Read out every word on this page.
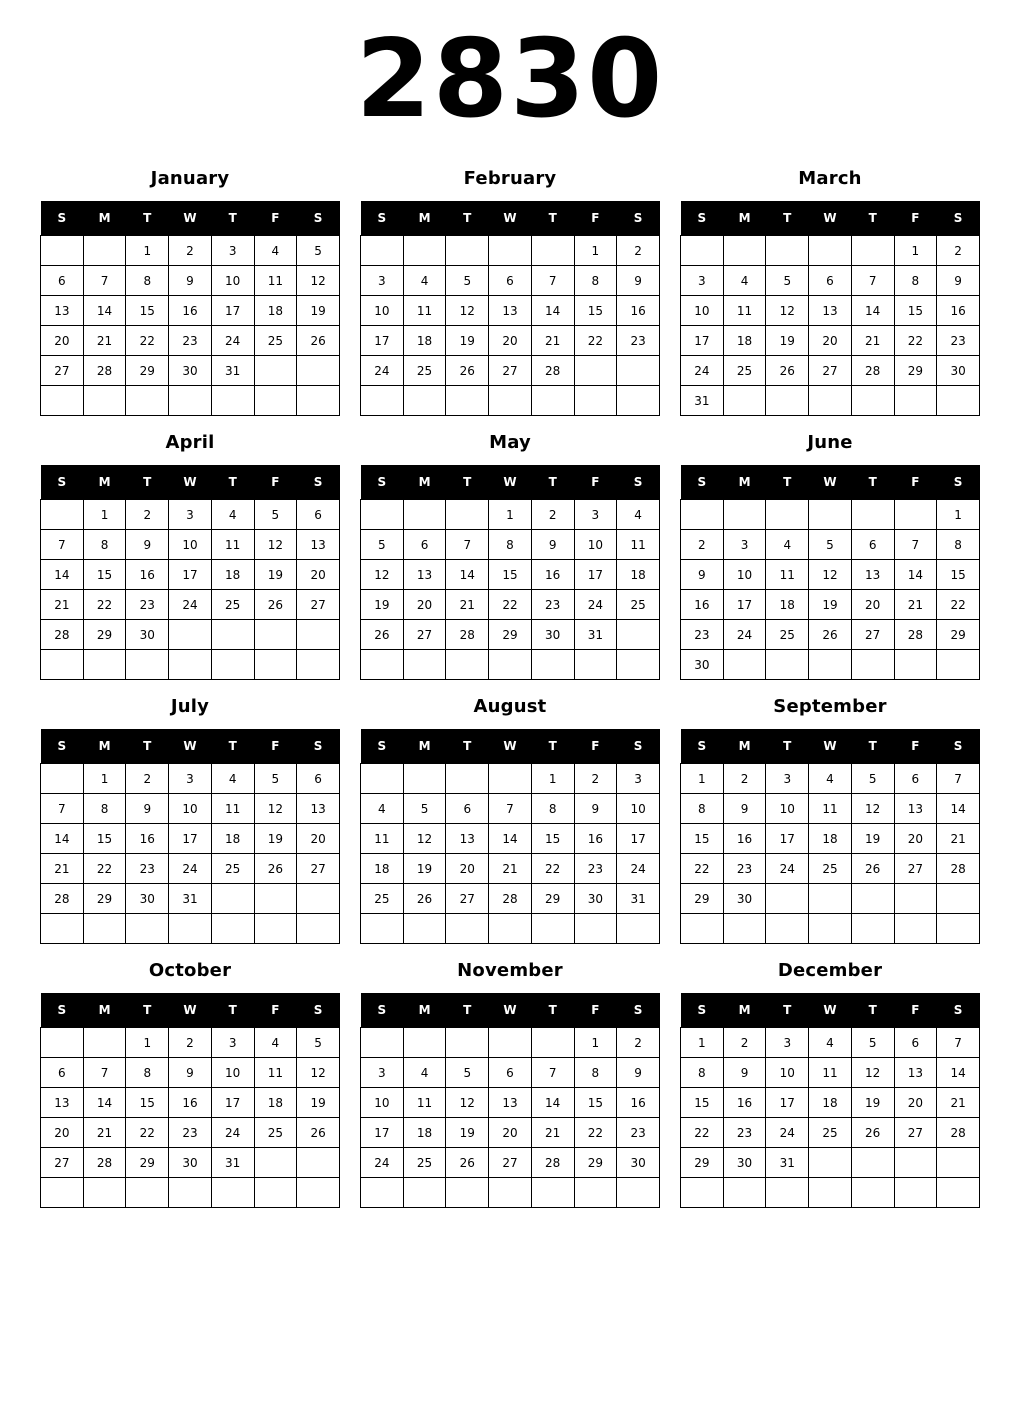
2830
January
S	M	T	W	T	F	S
		1	2	3	4	5
6	7	8	9	10	11	12
13	14	15	16	17	18	19
20	21	22	23	24	25	26
27	28	29	30	31		

February
S	M	T	W	T	F	S
					1	2
3	4	5	6	7	8	9
10	11	12	13	14	15	16
17	18	19	20	21	22	23
24	25	26	27	28		

March
S	M	T	W	T	F	S
					1	2
3	4	5	6	7	8	9
10	11	12	13	14	15	16
17	18	19	20	21	22	23
24	25	26	27	28	29	30
31						
April
S	M	T	W	T	F	S
	1	2	3	4	5	6
7	8	9	10	11	12	13
14	15	16	17	18	19	20
21	22	23	24	25	26	27
28	29	30				

May
S	M	T	W	T	F	S
			1	2	3	4
5	6	7	8	9	10	11
12	13	14	15	16	17	18
19	20	21	22	23	24	25
26	27	28	29	30	31	

June
S	M	T	W	T	F	S
						1
2	3	4	5	6	7	8
9	10	11	12	13	14	15
16	17	18	19	20	21	22
23	24	25	26	27	28	29
30						
July
S	M	T	W	T	F	S
	1	2	3	4	5	6
7	8	9	10	11	12	13
14	15	16	17	18	19	20
21	22	23	24	25	26	27
28	29	30	31			

August
S	M	T	W	T	F	S
				1	2	3
4	5	6	7	8	9	10
11	12	13	14	15	16	17
18	19	20	21	22	23	24
25	26	27	28	29	30	31

September
S	M	T	W	T	F	S
1	2	3	4	5	6	7
8	9	10	11	12	13	14
15	16	17	18	19	20	21
22	23	24	25	26	27	28
29	30					

October
S	M	T	W	T	F	S
		1	2	3	4	5
6	7	8	9	10	11	12
13	14	15	16	17	18	19
20	21	22	23	24	25	26
27	28	29	30	31		

November
S	M	T	W	T	F	S
					1	2
3	4	5	6	7	8	9
10	11	12	13	14	15	16
17	18	19	20	21	22	23
24	25	26	27	28	29	30

December
S	M	T	W	T	F	S
1	2	3	4	5	6	7
8	9	10	11	12	13	14
15	16	17	18	19	20	21
22	23	24	25	26	27	28
29	30	31				
